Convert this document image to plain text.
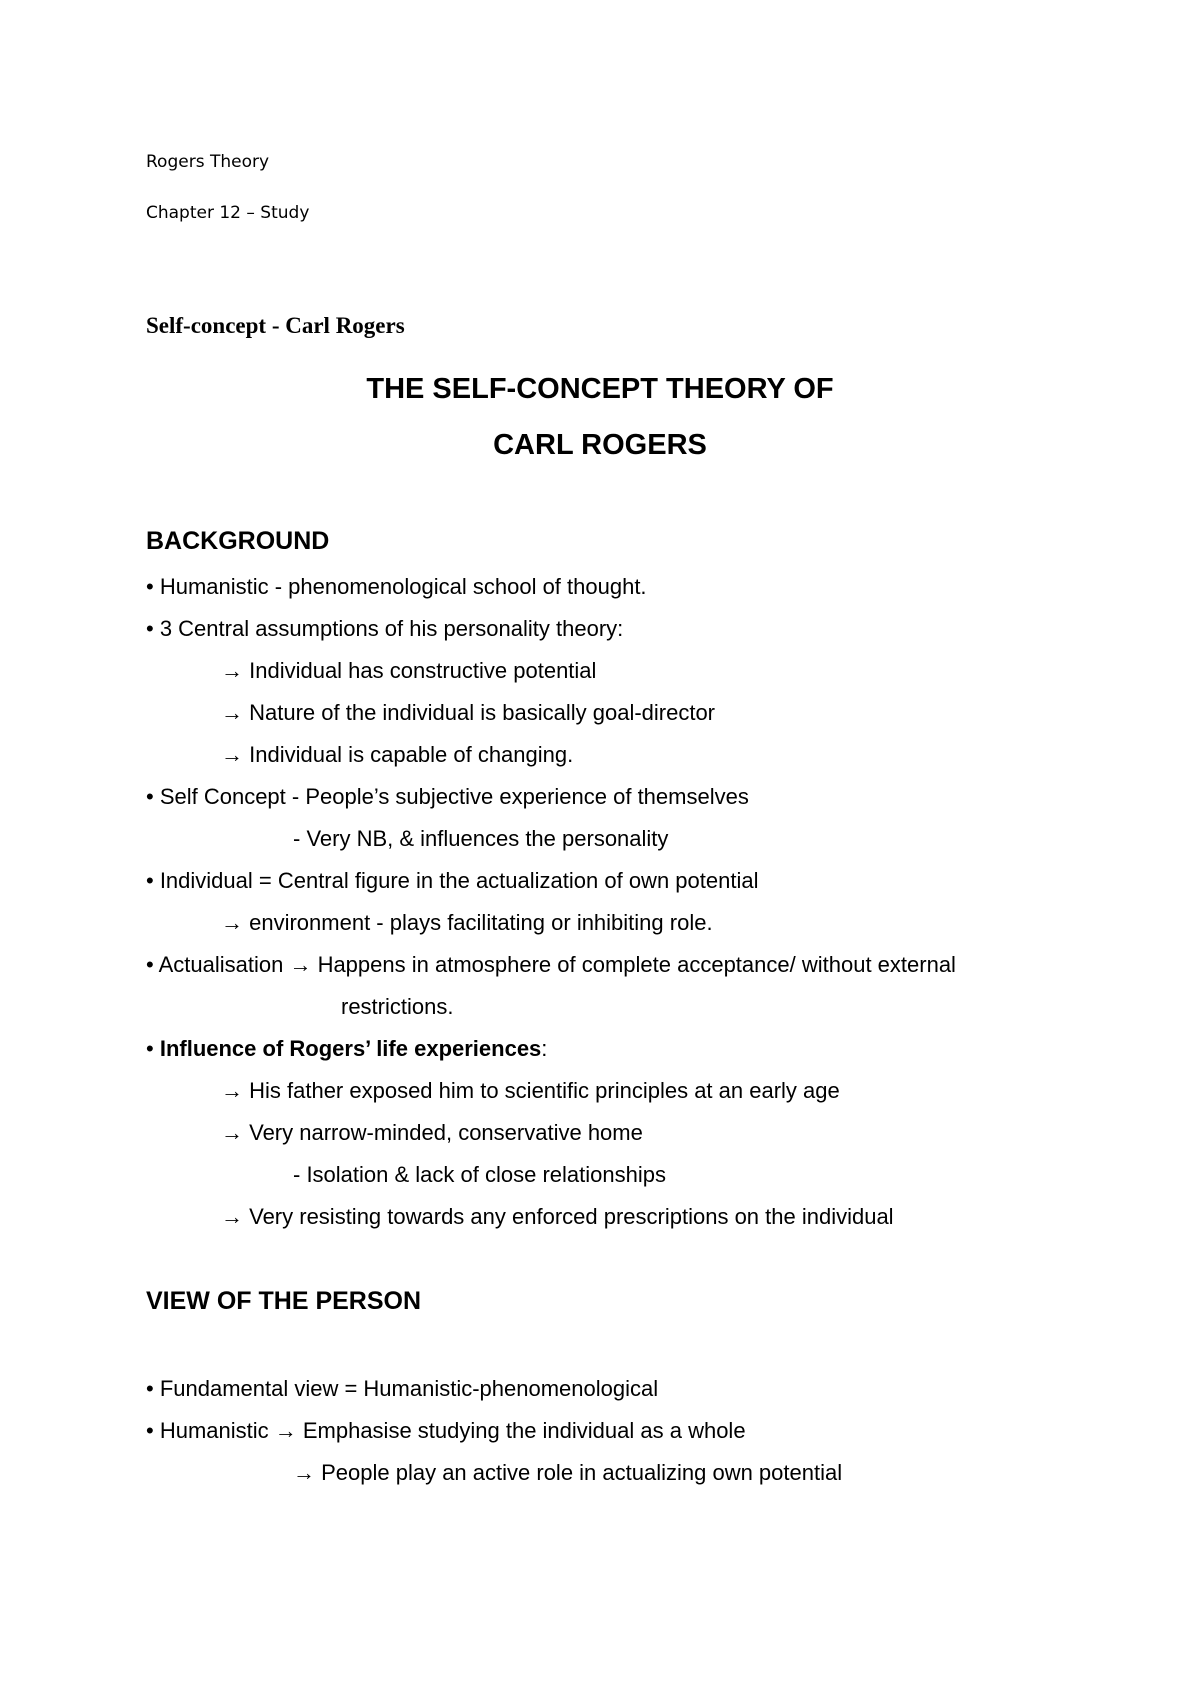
Rogers Theory
Chapter 12 – Study
Self-concept - Carl Rogers
THE SELF-CONCEPT THEORY OF
CARL ROGERS
BACKGROUND
• Humanistic - phenomenological school of thought.
• 3 Central assumptions of his personality theory:
→ Individual has constructive potential
→ Nature of the individual is basically goal-director
→ Individual is capable of changing.
• Self Concept - People’s subjective experience of themselves
- Very NB, & influences the personality
• Individual = Central figure in the actualization of own potential
→ environment - plays facilitating or inhibiting role.
• Actualisation → Happens in atmosphere of complete acceptance/ without external
restrictions.
• Influence of Rogers’ life experiences:
→ His father exposed him to scientific principles at an early age
→ Very narrow-minded, conservative home
- Isolation & lack of close relationships
→ Very resisting towards any enforced prescriptions on the individual
VIEW OF THE PERSON
• Fundamental view = Humanistic-phenomenological
• Humanistic → Emphasise studying the individual as a whole
→ People play an active role in actualizing own potential
